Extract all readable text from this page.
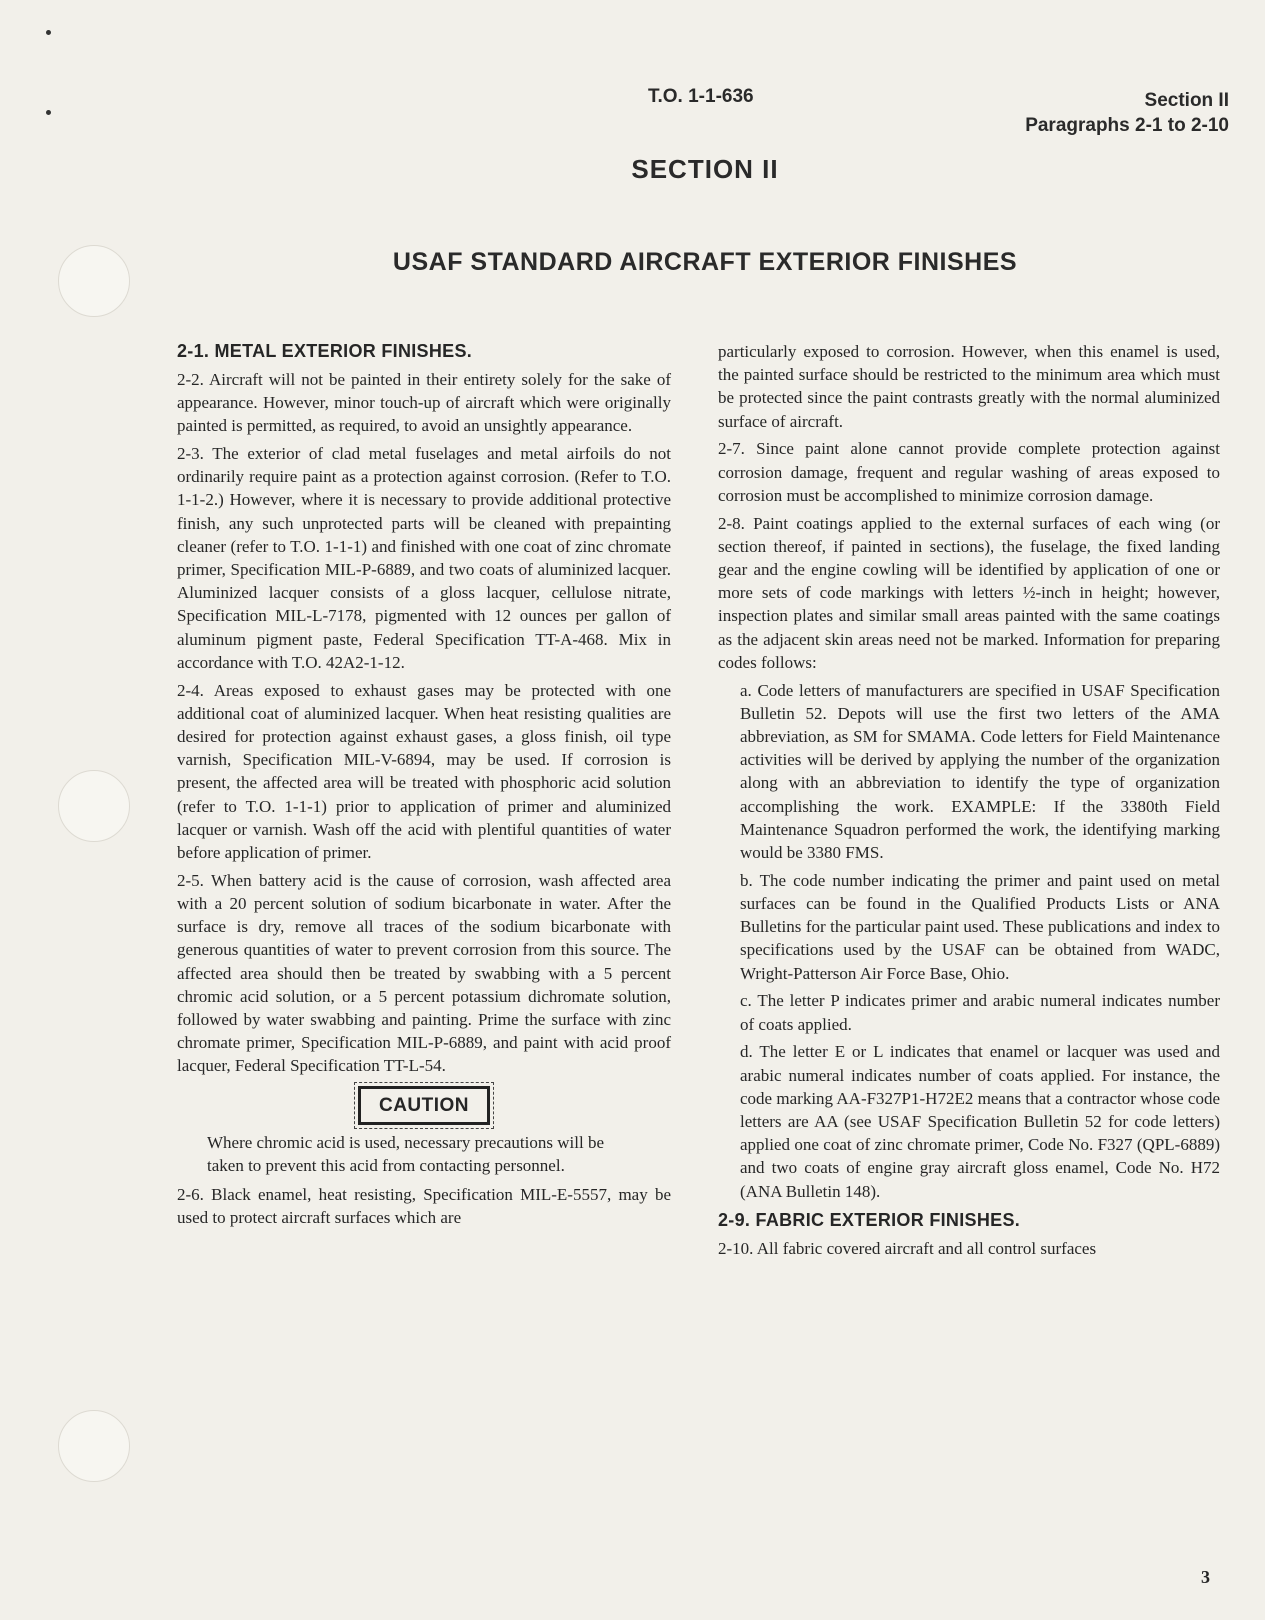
T.O. 1-1-636	Section II
Paragraphs 2-1 to 2-10
SECTION II
USAF STANDARD AIRCRAFT EXTERIOR FINISHES

2-1. METAL EXTERIOR FINISHES.

2-2. Aircraft will not be painted in their entirety solely for the sake of appearance. However, minor touch-up of aircraft which were originally painted is permitted, as required, to avoid an unsightly appearance.

2-3. The exterior of clad metal fuselages and metal airfoils do not ordinarily require paint as a protection against corrosion. (Refer to T.O. 1-1-2.) However, where it is necessary to provide additional protective finish, any such unprotected parts will be cleaned with prepainting cleaner (refer to T.O. 1-1-1) and finished with one coat of zinc chromate primer, Specification MIL-P-6889, and two coats of aluminized lacquer. Aluminized lacquer consists of a gloss lacquer, cellulose nitrate, Specification MIL-L-7178, pigmented with 12 ounces per gallon of aluminum pigment paste, Federal Specification TT-A-468. Mix in accordance with T.O. 42A2-1-12.

2-4. Areas exposed to exhaust gases may be protected with one additional coat of aluminized lacquer. When heat resisting qualities are desired for protection against exhaust gases, a gloss finish, oil type varnish, Specification MIL-V-6894, may be used. If corrosion is present, the affected area will be treated with phosphoric acid solution (refer to T.O. 1-1-1) prior to application of primer and aluminized lacquer or varnish. Wash off the acid with plentiful quantities of water before application of primer.

2-5. When battery acid is the cause of corrosion, wash affected area with a 20 percent solution of sodium bicarbonate in water. After the surface is dry, remove all traces of the sodium bicarbonate with generous quantities of water to prevent corrosion from this source. The affected area should then be treated by swabbing with a 5 percent chromic acid solution, or a 5 percent potassium dichromate solution, followed by water swabbing and painting. Prime the surface with zinc chromate primer, Specification MIL-P-6889, and paint with acid proof lacquer, Federal Specification TT-L-54.

CAUTION

Where chromic acid is used, necessary precautions will be taken to prevent this acid from contacting personnel.

2-6. Black enamel, heat resisting, Specification MIL-E-5557, may be used to protect aircraft surfaces which are

particularly exposed to corrosion. However, when this enamel is used, the painted surface should be restricted to the minimum area which must be protected since the paint contrasts greatly with the normal aluminized surface of aircraft.

2-7. Since paint alone cannot provide complete protection against corrosion damage, frequent and regular washing of areas exposed to corrosion must be accomplished to minimize corrosion damage.

2-8. Paint coatings applied to the external surfaces of each wing (or section thereof, if painted in sections), the fuselage, the fixed landing gear and the engine cowling will be identified by application of one or more sets of code markings with letters ½-inch in height; however, inspection plates and similar small areas painted with the same coatings as the adjacent skin areas need not be marked. Information for preparing codes follows:

a. Code letters of manufacturers are specified in USAF Specification Bulletin 52. Depots will use the first two letters of the AMA abbreviation, as SM for SMAMA. Code letters for Field Maintenance activities will be derived by applying the number of the organization along with an abbreviation to identify the type of organization accomplishing the work. EXAMPLE: If the 3380th Field Maintenance Squadron performed the work, the identifying marking would be 3380 FMS.

b. The code number indicating the primer and paint used on metal surfaces can be found in the Qualified Products Lists or ANA Bulletins for the particular paint used. These publications and index to specifications used by the USAF can be obtained from WADC, Wright-Patterson Air Force Base, Ohio.

c. The letter P indicates primer and arabic numeral indicates number of coats applied.

d. The letter E or L indicates that enamel or lacquer was used and arabic numeral indicates number of coats applied. For instance, the code marking AA-F327P1-H72E2 means that a contractor whose code letters are AA (see USAF Specification Bulletin 52 for code letters) applied one coat of zinc chromate primer, Code No. F327 (QPL-6889) and two coats of engine gray aircraft gloss enamel, Code No. H72 (ANA Bulletin 148).

2-9. FABRIC EXTERIOR FINISHES.

2-10. All fabric covered aircraft and all control surfaces

3
